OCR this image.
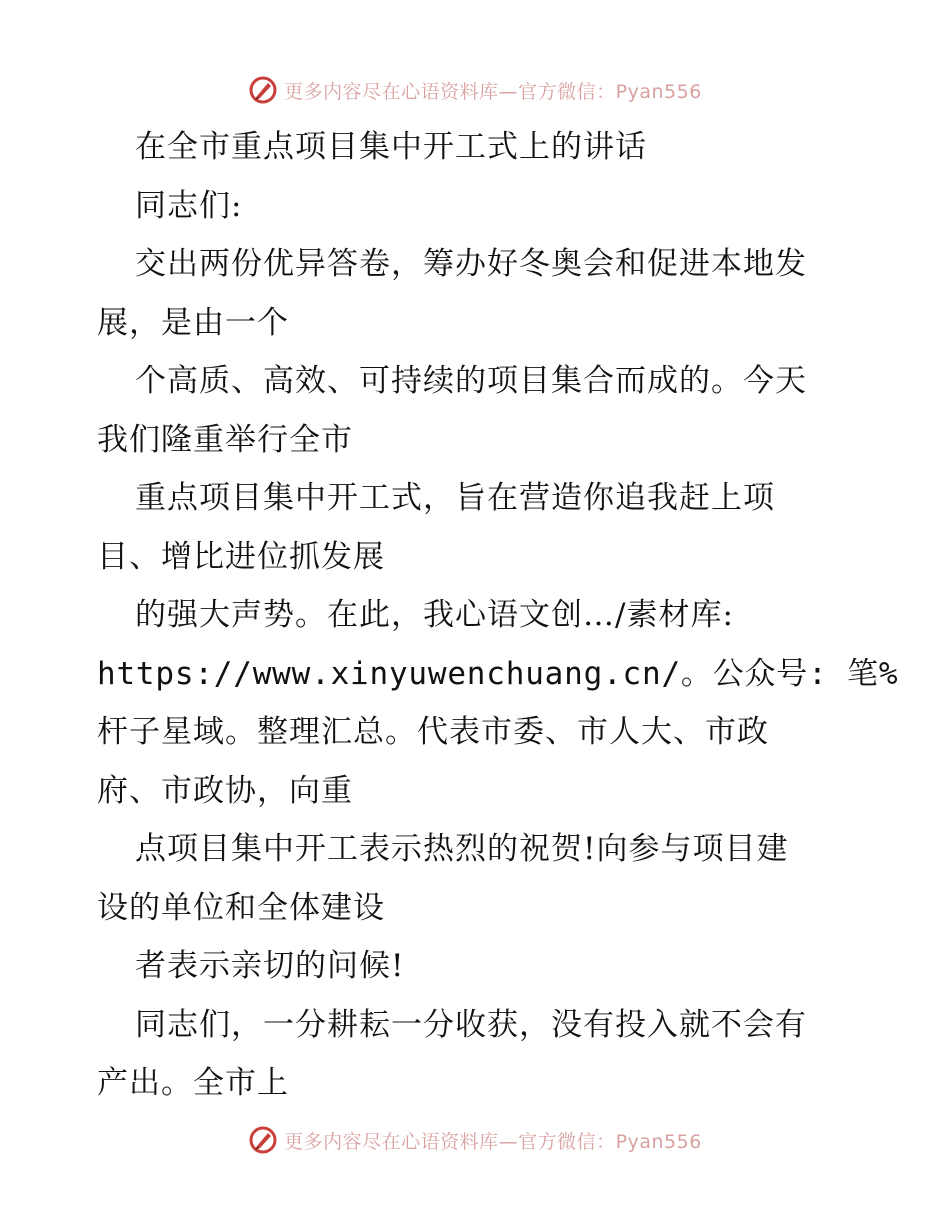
更多内容尽在心语资料库—官方微信：Pyan556
在全市重点项目集中开工式上的讲话
同志们:
交出两份优异答卷，筹办好冬奥会和促进本地发
展，是由一个
个高质、高效、可持续的项目集合而成的。今天
我们隆重举行全市
重点项目集中开工式，旨在营造你追我赶上项
目、增比进位抓发展
的强大声势。在此，我心语文创…/素材库:
https://www.xinyuwenchuang.cn/。公众号: 笔%
杆子星域。整理汇总。代表市委、市人大、市政
府、市政协，向重
点项目集中开工表示热烈的祝贺!向参与项目建
设的单位和全体建设
者表示亲切的问候!
同志们，一分耕耘一分收获，没有投入就不会有
产出。全市上
更多内容尽在心语资料库—官方微信：Pyan556
